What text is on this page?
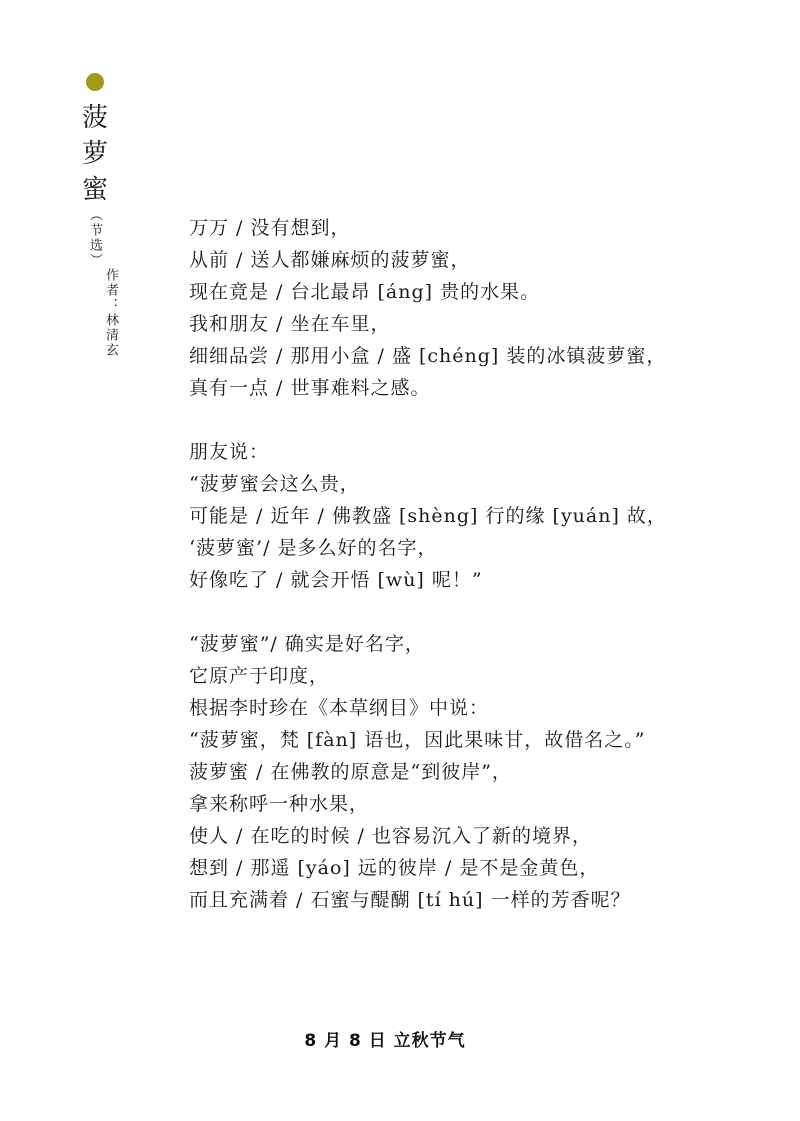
菠
萝
蜜
（节选）
作者：林清玄
万万 / 没有想到，
从前 / 送人都嫌麻烦的菠萝蜜，
现在竟是 / 台北最昂 [áng] 贵的水果。
我和朋友 / 坐在车里，
细细品尝 / 那用小盒 / 盛 [chéng] 装的冰镇菠萝蜜，
真有一点 / 世事难料之感。
朋友说：
“菠萝蜜会这么贵，
可能是 / 近年 / 佛教盛 [shèng] 行的缘 [yuán] 故，
‘菠萝蜜’/ 是多么好的名字，
好像吃了 / 就会开悟 [wù] 呢！”
“菠萝蜜”/ 确实是好名字，
它原产于印度，
根据李时珍在《本草纲目》中说：
“菠萝蜜，梵 [fàn] 语也，因此果味甘，故借名之。”
菠萝蜜 / 在佛教的原意是“到彼岸”，
拿来称呼一种水果，
使人 / 在吃的时候 / 也容易沉入了新的境界，
想到 / 那遥 [yáo] 远的彼岸 / 是不是金黄色，
而且充满着 / 石蜜与醍醐 [tí hú] 一样的芳香呢？
8 月 8 日 立秋节气
